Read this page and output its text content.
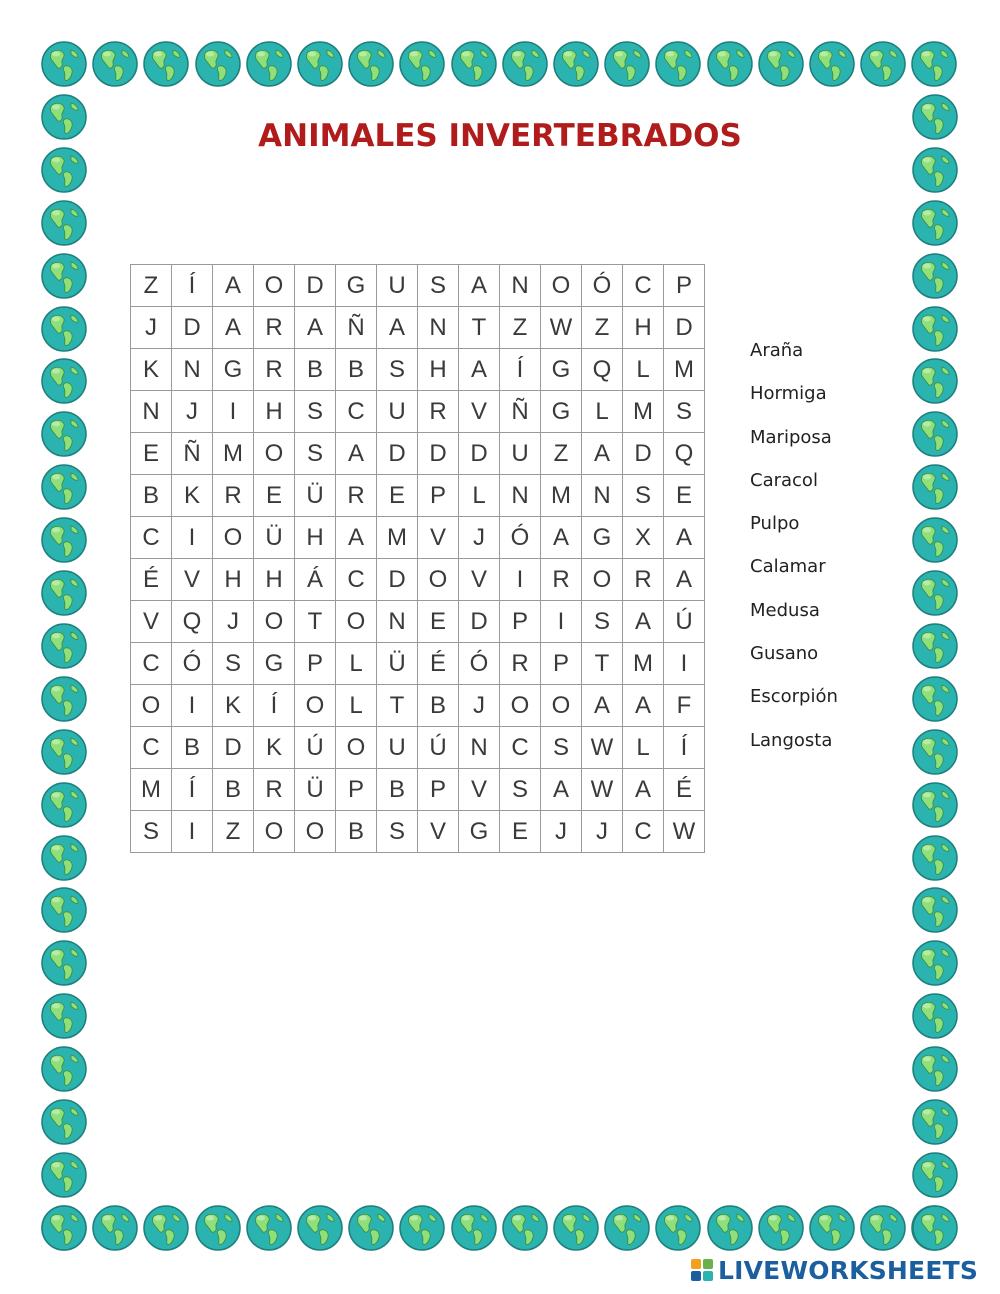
ANIMALES INVERTEBRADOS
Z	Í	A	O	D	G	U	S	A	N	O	Ó	C	P
J	D	A	R	A	Ñ	A	N	T	Z	W	Z	H	D
K	N	G	R	B	B	S	H	A	Í	G	Q	L	M
N	J	I	H	S	C	U	R	V	Ñ	G	L	M	S
E	Ñ	M	O	S	A	D	D	D	U	Z	A	D	Q
B	K	R	E	Ü	R	E	P	L	N	M	N	S	E
C	I	O	Ü	H	A	M	V	J	Ó	A	G	X	A
É	V	H	H	Á	C	D	O	V	I	R	O	R	A
V	Q	J	O	T	O	N	E	D	P	I	S	A	Ú
C	Ó	S	G	P	L	Ü	É	Ó	R	P	T	M	I
O	I	K	Í	O	L	T	B	J	O	O	A	A	F
C	B	D	K	Ú	O	U	Ú	N	C	S	W	L	Í
M	Í	B	R	Ü	P	B	P	V	S	A	W	A	É
S	I	Z	O	O	B	S	V	G	E	J	J	C	W
Araña
Hormiga
Mariposa
Caracol
Pulpo
Calamar
Medusa
Gusano
Escorpión
Langosta
LIVEWORKSHEETS
